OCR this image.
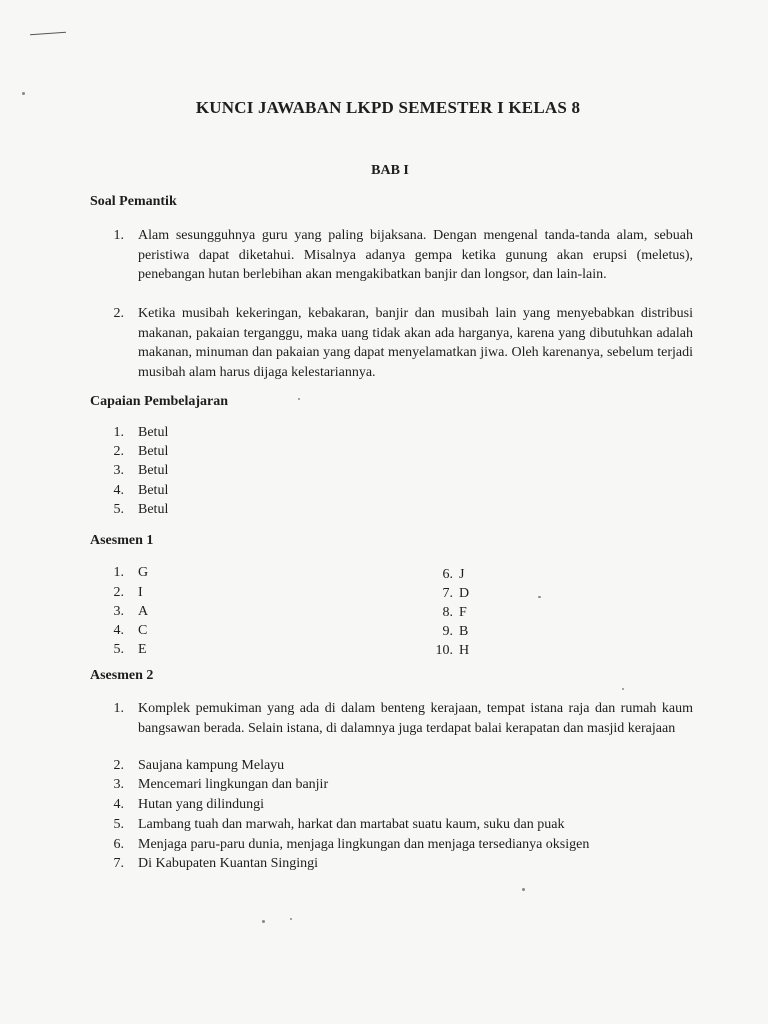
KUNCI JAWABAN LKPD SEMESTER I KELAS 8
BAB I
Soal Pemantik
1. Alam sesungguhnya guru yang paling bijaksana. Dengan mengenal tanda-tanda alam, sebuah peristiwa dapat diketahui. Misalnya adanya gempa ketika gunung akan erupsi (meletus), penebangan hutan berlebihan akan mengakibatkan banjir dan longsor, dan lain-lain.
2. Ketika musibah kekeringan, kebakaran, banjir dan musibah lain yang menyebabkan distribusi makanan, pakaian terganggu, maka uang tidak akan ada harganya, karena yang dibutuhkan adalah makanan, minuman dan pakaian yang dapat menyelamatkan jiwa. Oleh karenanya, sebelum terjadi musibah alam harus dijaga kelestariannya.
Capaian Pembelajaran
1. Betul
2. Betul
3. Betul
4. Betul
5. Betul
Asesmen 1
1. G
2. I
3. A
4. C
5. E
6. J
7. D
8. F
9. B
10. H
Asesmen 2
1. Komplek pemukiman yang ada di dalam benteng kerajaan, tempat istana raja dan rumah kaum bangsawan berada. Selain istana, di dalamnya juga terdapat balai kerapatan dan masjid kerajaan
2. Saujana kampung Melayu
3. Mencemari lingkungan dan banjir
4. Hutan yang dilindungi
5. Lambang tuah dan marwah, harkat dan martabat suatu kaum, suku dan puak
6. Menjaga paru-paru dunia, menjaga lingkungan dan menjaga tersedianya oksigen
7. Di Kabupaten Kuantan Singingi
